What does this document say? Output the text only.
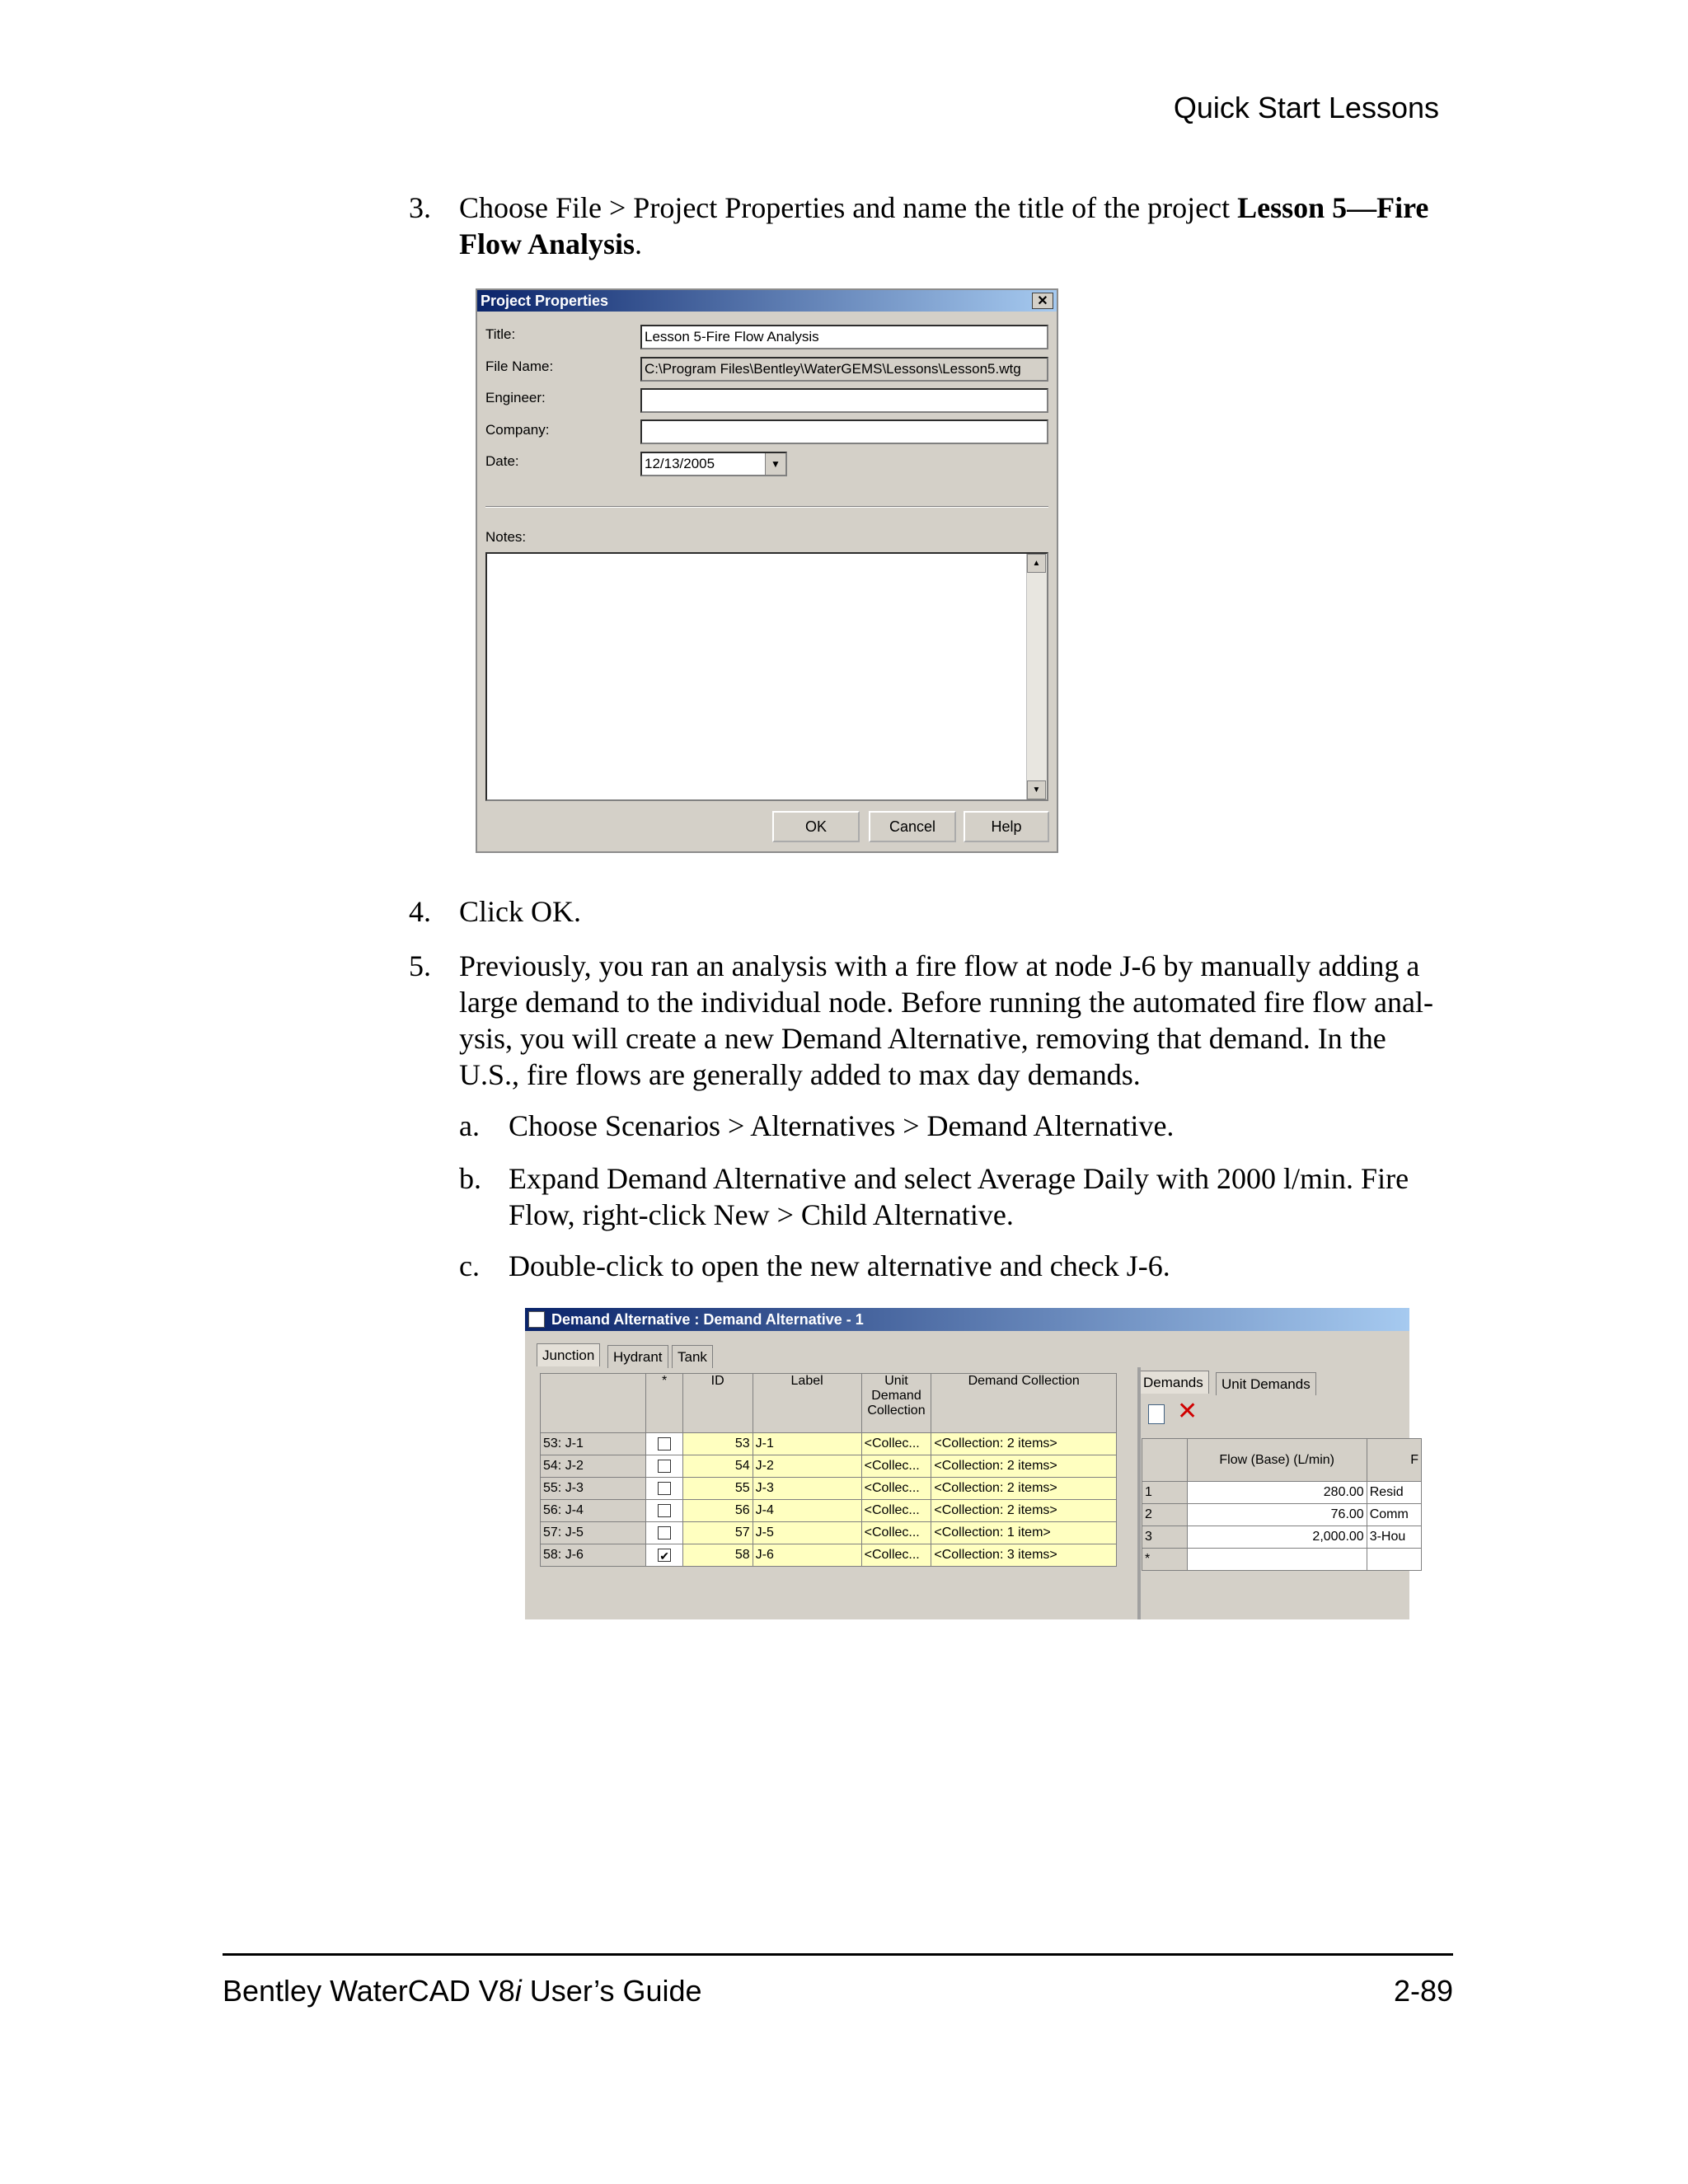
Quick Start Lessons
3. Choose File > Project Properties and name the title of the project Lesson 5—Fire
Flow Analysis.
Project Properties	✕
Title:	Lesson 5-Fire Flow Analysis
File Name:	C:\Program Files\Bentley\WaterGEMS\Lessons\Lesson5.wtg
Engineer:
Company:
Date:	12/13/2005	▼
Notes:
▲
▼
OK	Cancel	Help
4. Click OK.
5. Previously, you ran an analysis with a fire flow at node J-6 by manually adding a
large demand to the individual node. Before running the automated fire flow anal-
ysis, you will create a new Demand Alternative, removing that demand. In the
U.S., fire flows are generally added to max day demands.
a. Choose Scenarios > Alternatives > Demand Alternative.
b. Expand Demand Alternative and select Average Daily with 2000 l/min. Fire
Flow, right-click New > Child Alternative.
c. Double-click to open the new alternative and check J-6.
Demand Alternative : Demand Alternative - 1
Junction	Hydrant	Tank
	*	ID	Label	Unit Demand Collection	Demand Collection
53: J-1		53	J-1	<Collec...	<Collection: 2 items>
54: J-2		54	J-2	<Collec...	<Collection: 2 items>
55: J-3		55	J-3	<Collec...	<Collection: 2 items>
56: J-4		56	J-4	<Collec...	<Collection: 2 items>
57: J-5		57	J-5	<Collec...	<Collection: 1 item>
58: J-6	✔	58	J-6	<Collec...	<Collection: 3 items>
Demands	Unit Demands
✕
	Flow (Base) (L/min)	F
1	280.00	Resid
2	76.00	Comm
3	2,000.00	3-Hou
*		
Bentley WaterCAD V8i User’s Guide	2-89
